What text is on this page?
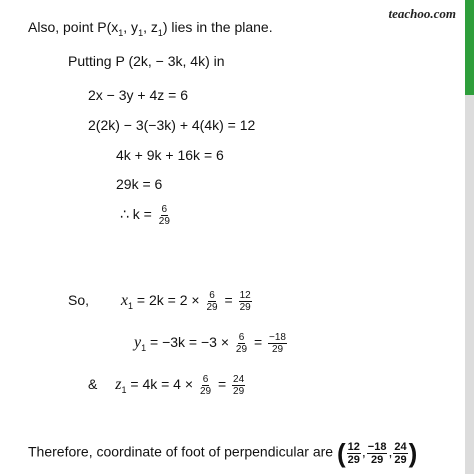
teachoo.com
Also, point $P(x_1$, $y_1$, $z_1$) lies in the plane.
Putting P (2k, − 3k, 4k) in
2x − 3y + 4z = 6
2(2k) − 3(−3k) + 4(4k) = 12
4k + 9k + 16k = 6
29k = 6
∴ $k = \frac{6}{29}$
So, $x_1 = 2k = 2 \times \frac{6}{29} = \frac{12}{29}$
$y_1 = -3k = -3 \times \frac{6}{29} = \frac{-18}{29}$
& $z_1 = 4k = 4 \times \frac{6}{29} = \frac{24}{29}$
Therefore, coordinate of foot of perpendicular are ( $\frac{12}{29}$ , $\frac{-18}{29}$ , $\frac{24}{29}$ )
